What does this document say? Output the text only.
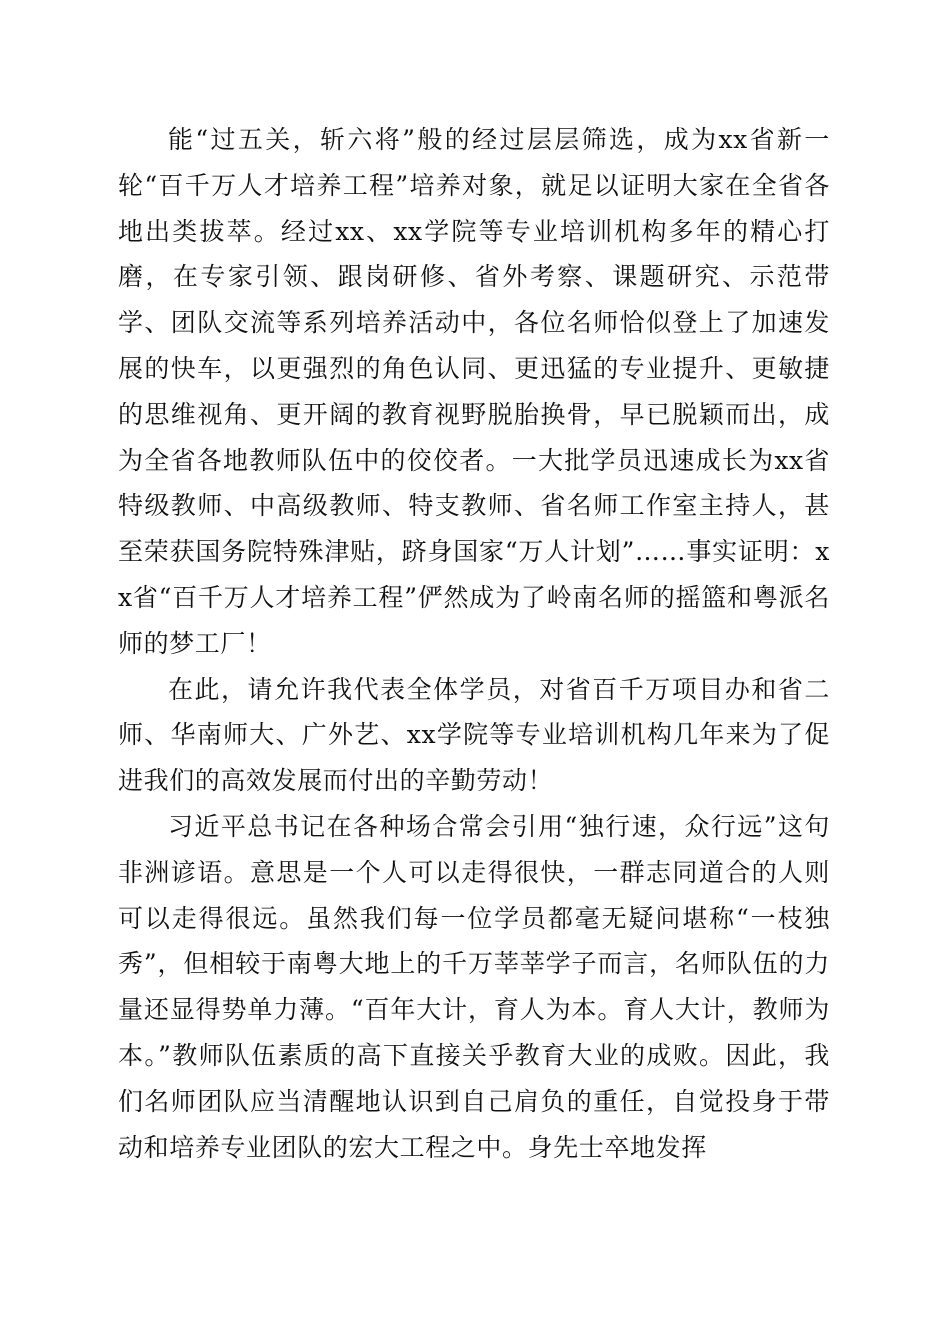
能“过五关，斩六将”般的经过层层筛选，成为xx省新一轮“百千万人才培养工程”培养对象，就足以证明大家在全省各地出类拔萃。经过xx、xx学院等专业培训机构多年的精心打磨，在专家引领、跟岗研修、省外考察、课题研究、示范带学、团队交流等系列培养活动中，各位名师恰似登上了加速发展的快车，以更强烈的角色认同、更迅猛的专业提升、更敏捷的思维视角、更开阔的教育视野脱胎换骨，早已脱颖而出，成为全省各地教师队伍中的佼佼者。一大批学员迅速成长为xx省特级教师、中高级教师、特支教师、省名师工作室主持人，甚至荣获国务院特殊津贴，跻身国家“万人计划”……事实证明：xx省“百千万人才培养工程”俨然成为了岭南名师的摇篮和粤派名师的梦工厂！

在此，请允许我代表全体学员，对省百千万项目办和省二师、华南师大、广外艺、xx学院等专业培训机构几年来为了促进我们的高效发展而付出的辛勤劳动！

习近平总书记在各种场合常会引用“独行速，众行远”这句非洲谚语。意思是一个人可以走得很快，一群志同道合的人则可以走得很远。虽然我们每一位学员都毫无疑问堪称“一枝独秀”，但相较于南粤大地上的千万莘莘学子而言，名师队伍的力量还显得势单力薄。“百年大计，育人为本。育人大计，教师为本。”教师队伍素质的高下直接关乎教育大业的成败。因此，我们名师团队应当清醒地认识到自己肩负的重任，自觉投身于带动和培养专业团队的宏大工程之中。身先士卒地发挥
